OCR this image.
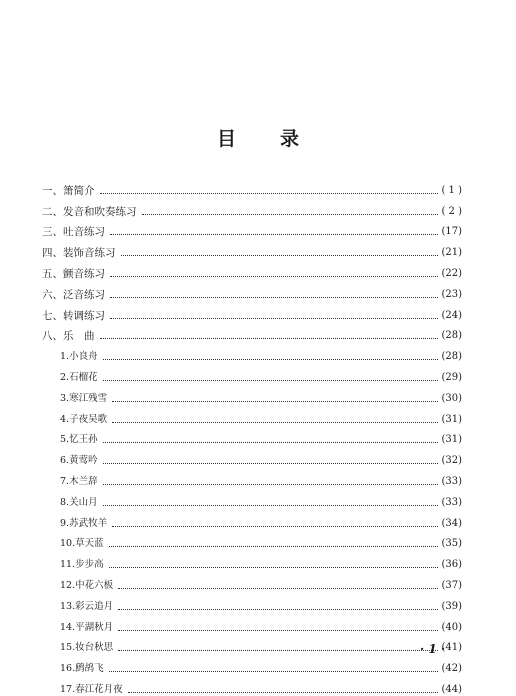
目 录
一、箫简介	( 1 )
二、发音和吹奏练习	( 2 )
三、吐音练习	(17)
四、装饰音练习	(21)
五、颤音练习	(22)
六、泛音练习	(23)
七、转调练习	(24)
八、乐　曲	(28)
1.小良舟	(28)
2.石榴花	(29)
3.寒江残雪	(30)
4.子夜吴歌	(31)
5.忆王孙	(31)
6.黄莺吟	(32)
7.木兰辞	(33)
8.关山月	(33)
9.苏武牧羊	(34)
10.草天蓝	(35)
11.步步高	(36)
12.中花六板	(37)
13.彩云追月	(39)
14.平湖秋月	(40)
15.妆台秋思	(41)
16.鹧鸪飞	(42)
17.春江花月夜	(44)
· 1 ·
